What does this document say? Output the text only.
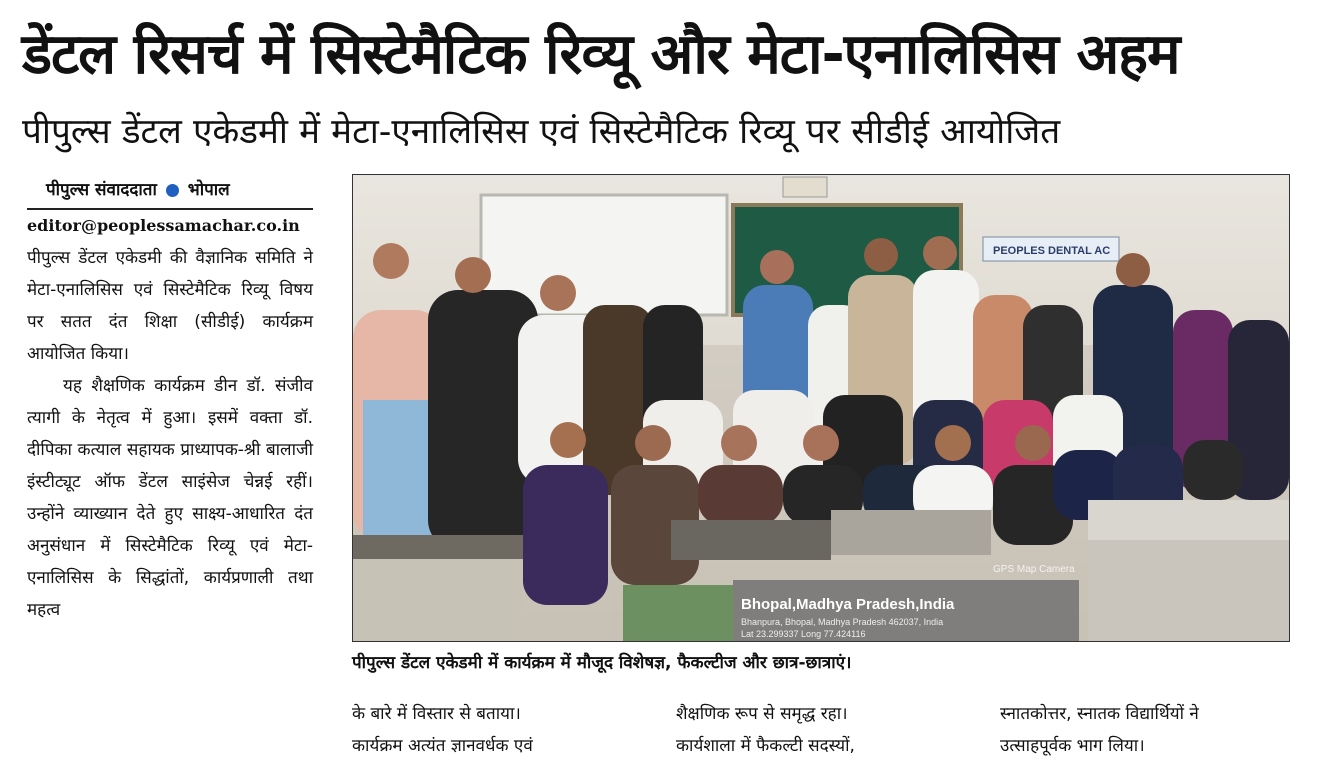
डेंटल रिसर्च में सिस्टेमैटिक रिव्यू और मेटा-एनालिसिस अहम
पीपुल्स डेंटल एकेडमी में मेटा-एनालिसिस एवं सिस्टेमैटिक रिव्यू पर सीडीई आयोजित
पीपुल्स संवाददाता भोपाल
editor@peoplessamachar.co.in

पीपुल्स डेंटल एकेडमी की वैज्ञानिक समिति ने मेटा-एनालिसिस एवं सिस्टेमैटिक रिव्यू विषय पर सतत दंत शिक्षा (सीडीई) कार्यक्रम आयोजित किया।

यह शैक्षणिक कार्यक्रम डीन डॉ. संजीव त्यागी के नेतृत्व में हुआ। इसमें वक्ता डॉ. दीपिका कत्याल सहायक प्राध्यापक-श्री बालाजी इंस्टीट्यूट ऑफ डेंटल साइंसेज चेन्नई रहीं। उन्होंने व्याख्यान देते हुए साक्ष्य-आधारित दंत अनुसंधान में सिस्टेमैटिक रिव्यू एवं मेटा-एनालिसिस के सिद्धांतों, कार्यप्रणाली तथा महत्व

PEOPLES DENTAL AC
GPS Map Camera
Bhopal,Madhya Pradesh,India
Bhanpura, Bhopal, Madhya Pradesh 462037, India
Lat 23.299337 Long 77.424116
पीपुल्स डेंटल एकेडमी में कार्यक्रम में मौजूद विशेषज्ञ, फैकल्टीज और छात्र-छात्राएं।

के बारे में विस्तार से बताया।

कार्यक्रम अत्यंत ज्ञानवर्धक एवं

शैक्षणिक रूप से समृद्ध रहा।

कार्यशाला में फैकल्टी सदस्यों,

स्नातकोत्तर, स्नातक विद्यार्थियों ने

उत्साहपूर्वक भाग लिया।
